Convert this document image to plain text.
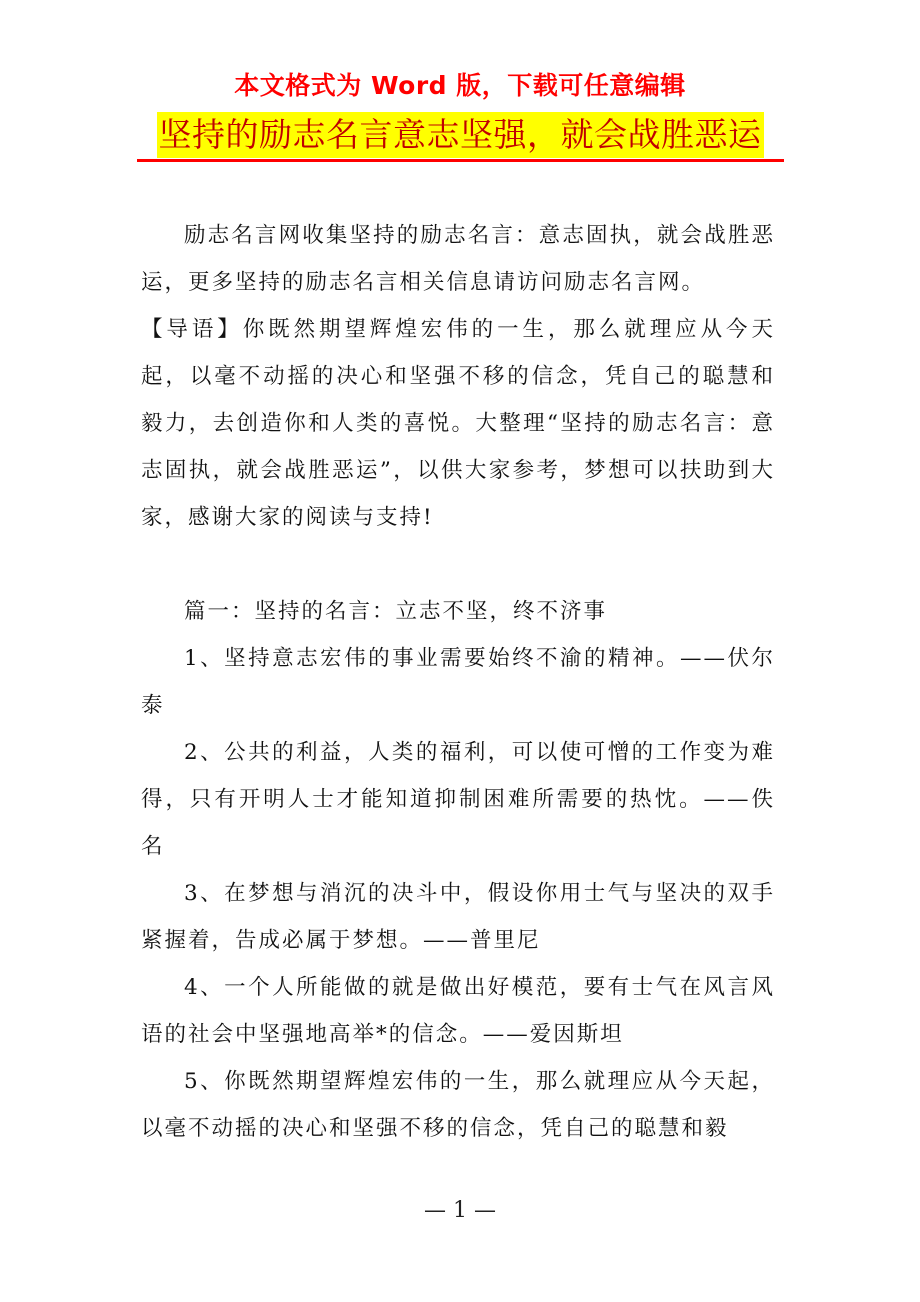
本文格式为 Word 版，下载可任意编辑
坚持的励志名言意志坚强，就会战胜恶运

励志名言网收集坚持的励志名言：意志固执，就会战胜恶运，更多坚持的励志名言相关信息请访问励志名言网。

【导语】你既然期望辉煌宏伟的一生，那么就理应从今天起，以毫不动摇的决心和坚强不移的信念，凭自己的聪慧和毅力，去创造你和人类的喜悦。大整理“坚持的励志名言：意志固执，就会战胜恶运”，以供大家参考，梦想可以扶助到大家，感谢大家的阅读与支持!

篇一：坚持的名言：立志不坚，终不济事

1、坚持意志宏伟的事业需要始终不渝的精神。——伏尔泰

2、公共的利益，人类的福利，可以使可憎的工作变为难得，只有开明人士才能知道抑制困难所需要的热忱。——佚名

3、在梦想与消沉的决斗中，假设你用士气与坚决的双手紧握着，告成必属于梦想。——普里尼

4、一个人所能做的就是做出好模范，要有士气在风言风语的社会中坚强地高举*的信念。——爱因斯坦

5、你既然期望辉煌宏伟的一生，那么就理应从今天起，以毫不动摇的决心和坚强不移的信念，凭自己的聪慧和毅

— 1 —
